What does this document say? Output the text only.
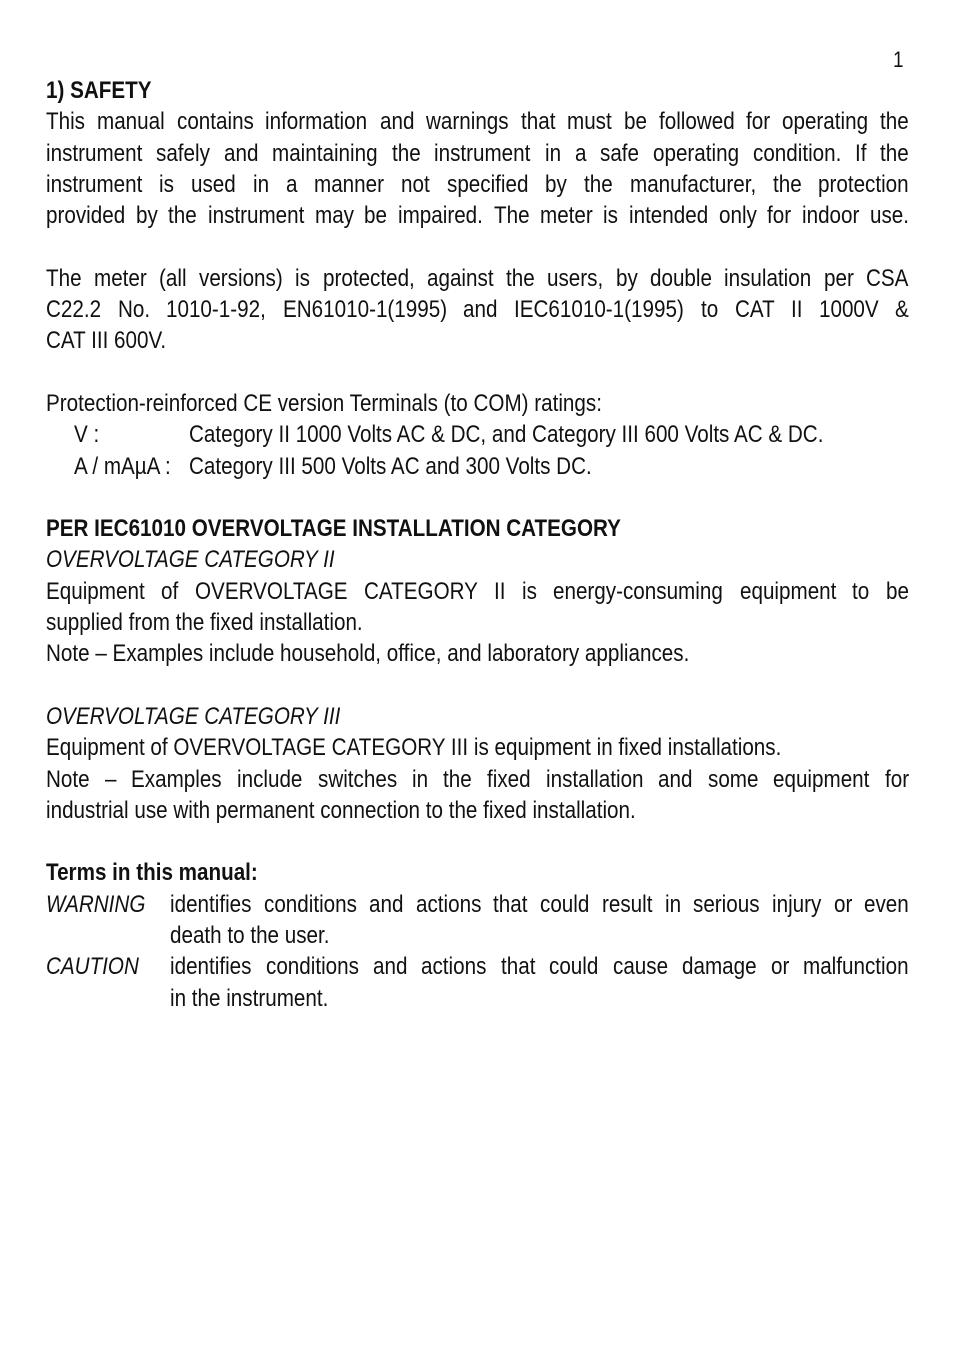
1
1) SAFETY
This manual contains information and warnings that must be followed for operating the
instrument safely and maintaining the instrument in a safe operating condition. If the
instrument is used in a manner not specified by the manufacturer, the protection
provided by the instrument may be impaired. The meter is intended only for indoor use.
The meter (all versions) is protected, against the users, by double insulation per CSA
C22.2 No. 1010-1-92, EN61010-1(1995) and IEC61010-1(1995) to CAT II 1000V &
CAT III 600V.
Protection-reinforced CE version Terminals (to COM) ratings:
V :	Category II 1000 Volts AC & DC, and Category III 600 Volts AC & DC.
A / mAµA : Category III 500 Volts AC and 300 Volts DC.
PER IEC61010 OVERVOLTAGE INSTALLATION CATEGORY
OVERVOLTAGE CATEGORY II
Equipment of OVERVOLTAGE CATEGORY II is energy-consuming equipment to be
supplied from the fixed installation.
Note – Examples include household, office, and laboratory appliances.
OVERVOLTAGE CATEGORY III
Equipment of OVERVOLTAGE CATEGORY III is equipment in fixed installations.
Note – Examples include switches in the fixed installation and some equipment for
industrial use with permanent connection to the fixed installation.
Terms in this manual:
WARNING identifies conditions and actions that could result in serious injury or even
death to the user.
CAUTION identifies conditions and actions that could cause damage or malfunction
in the instrument.
